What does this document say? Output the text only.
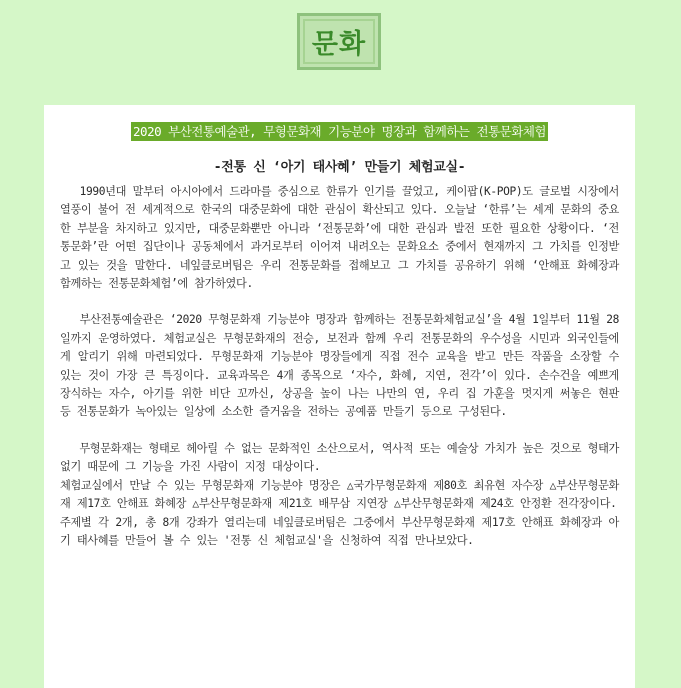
문화
2020 부산전통예술관, 무형문화재 기능분야 명장과 함께하는 전통문화체험
-전통 신 ‘아기 태사혜’ 만들기 체험교실-

1990년대 말부터 아시아에서 드라마를 중심으로 한류가 인기를 끌었고, 케이팝(K-POP)도 글로벌 시장에서 열풍이 불어 전 세계적으로 한국의 대중문화에 대한 관심이 확산되고 있다. 오늘날 ‘한류’는 세계 문화의 중요한 부분을 차지하고 있지만, 대중문화뿐만 아니라 ‘전통문화’에 대한 관심과 발전 또한 필요한 상황이다. ‘전통문화’란 어떤 집단이나 공동체에서 과거로부터 이어져 내려오는 문화요소 중에서 현재까지 그 가치를 인정받고 있는 것을 말한다. 네잎클로버팀은 우리 전통문화를 접해보고 그 가치를 공유하기 위해 ‘안해표 화혜장과 함께하는 전통문화체험’에 참가하였다.

부산전통예술관은 ‘2020 무형문화재 기능분야 명장과 함께하는 전통문화체험교실’을 4월 1일부터 11월 28일까지 운영하였다. 체험교실은 무형문화재의 전승, 보전과 함께 우리 전통문화의 우수성을 시민과 외국인들에게 알리기 위해 마련되었다. 무형문화재 기능분야 명장들에게 직접 전수 교육을 받고 만든 작품을 소장할 수 있는 것이 가장 큰 특징이다. 교육과목은 4개 종목으로 ‘자수, 화혜, 지연, 전각’이 있다. 손수건을 예쁘게 장식하는 자수, 아기를 위한 비단 꼬까신, 상공을 높이 나는 나만의 연, 우리 집 가훈을 멋지게 써놓은 현판 등 전통문화가 녹아있는 일상에 소소한 즐거움을 전하는 공예품 만들기 등으로 구성된다.

무형문화재는 형태로 헤아릴 수 없는 문화적인 소산으로서, 역사적 또는 예술상 가치가 높은 것으로 형태가 없기 때문에 그 기능을 가진 사람이 지정 대상이다.

체험교실에서 만날 수 있는 무형문화재 기능분야 명장은 △국가무형문화재 제80호 최유현 자수장 △부산무형문화재 제17호 안해표 화혜장 △부산무형문화재 제21호 배무삼 지연장 △부산무형문화재 제24호 안정환 전각장이다.

주제별 각 2개, 총 8개 강좌가 열리는데 네잎클로버팀은 그중에서 부산무형문화재 제17호 안해표 화혜장과 아기 태사혜를 만들어 볼 수 있는 '전통 신 체험교실'을 신청하여 직접 만나보았다.
